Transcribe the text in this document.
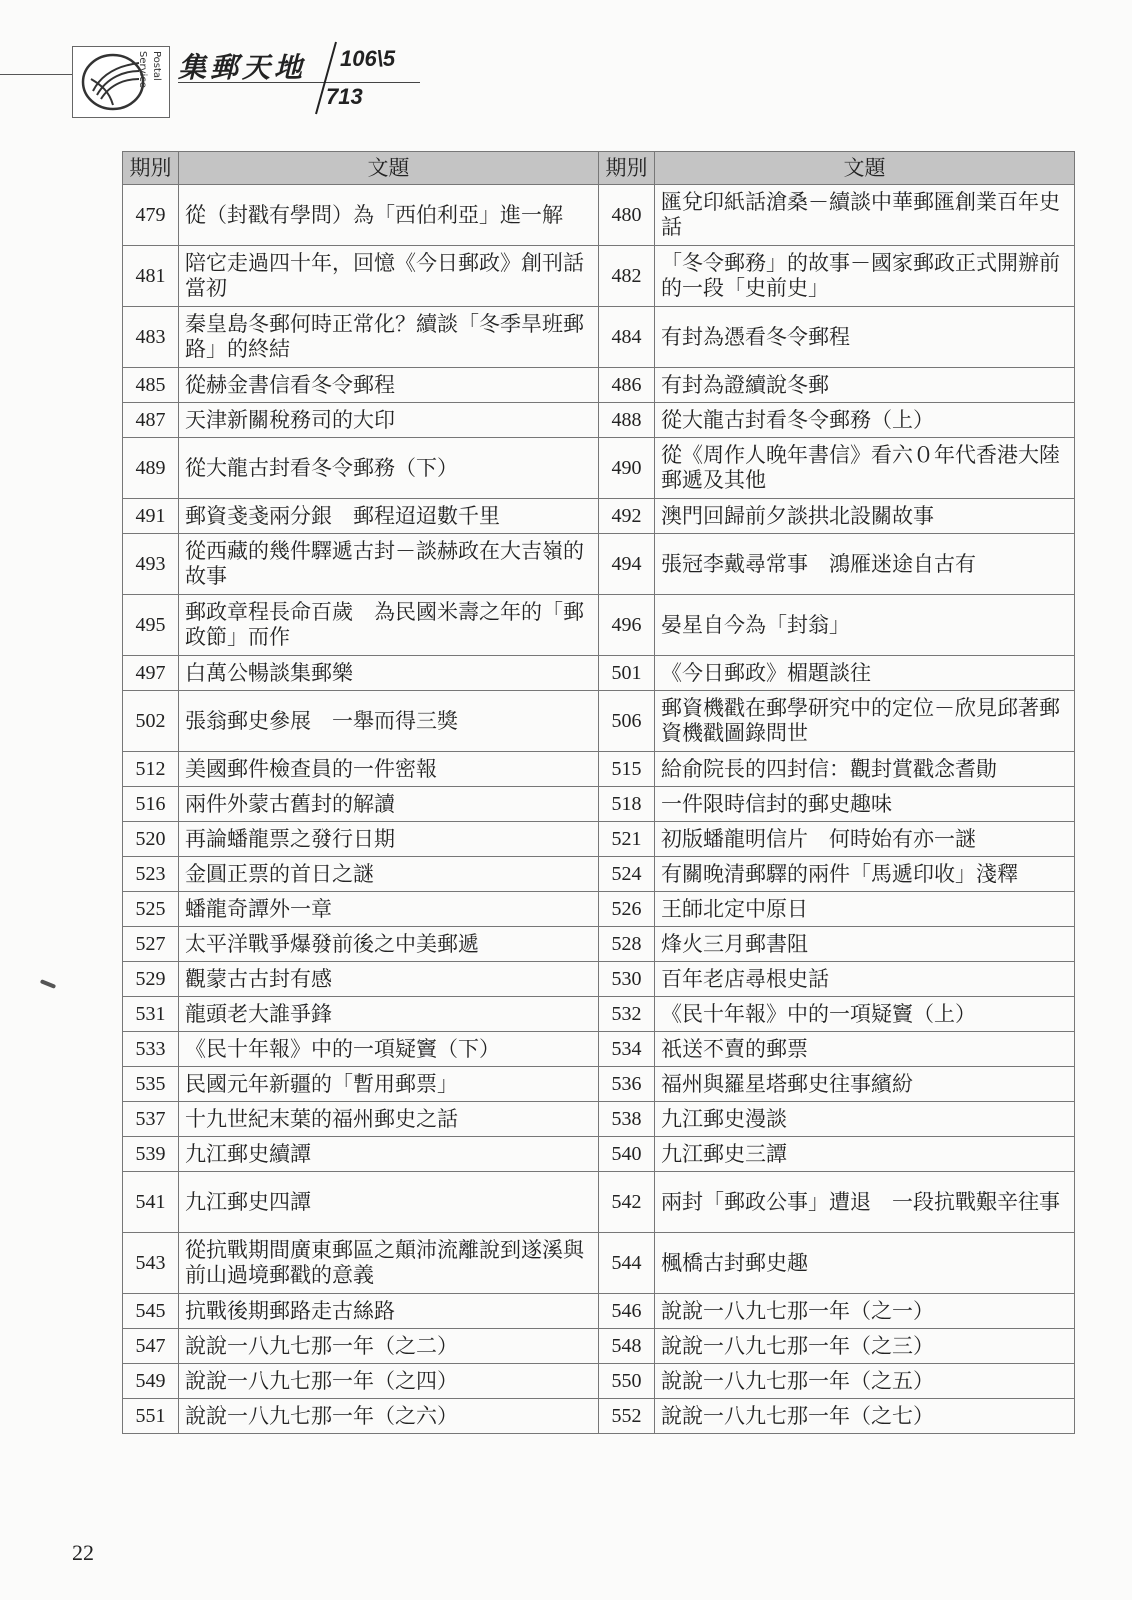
Postal Service	集郵天地 106\5
713
期別	文題	期別	文題
479	從（封戳有學問）為「西伯利亞」進一解	480	匯兌印紙話滄桑－續談中華郵匯創業百年史話
481	陪它走過四十年，回憶《今日郵政》創刊話當初	482	「冬令郵務」的故事－國家郵政正式開辦前的一段「史前史」
483	秦皇島冬郵何時正常化？續談「冬季旱班郵路」的終結	484	有封為憑看冬令郵程
485	從赫金書信看冬令郵程	486	有封為證續說冬郵
487	天津新關稅務司的大印	488	從大龍古封看冬令郵務（上）
489	從大龍古封看冬令郵務（下）	490	從《周作人晚年書信》看六０年代香港大陸郵遞及其他
491	郵資戔戔兩分銀　郵程迢迢數千里	492	澳門回歸前夕談拱北設關故事
493	從西藏的幾件驛遞古封－談赫政在大吉嶺的故事	494	張冠李戴尋常事　鴻雁迷途自古有
495	郵政章程長命百歲　為民國米壽之年的「郵政節」而作	496	晏星自今為「封翁」
497	白萬公暢談集郵樂	501	《今日郵政》楣題談往
502	張翁郵史參展　一舉而得三獎	506	郵資機戳在郵學研究中的定位－欣見邱著郵資機戳圖錄問世
512	美國郵件檢查員的一件密報	515	給俞院長的四封信：觀封賞戳念耆勛
516	兩件外蒙古舊封的解讀	518	一件限時信封的郵史趣味
520	再論蟠龍票之發行日期	521	初版蟠龍明信片　何時始有亦一謎
523	金圓正票的首日之謎	524	有關晚清郵驛的兩件「馬遞印收」淺釋
525	蟠龍奇譚外一章	526	王師北定中原日
527	太平洋戰爭爆發前後之中美郵遞	528	烽火三月郵書阻
529	觀蒙古古封有感	530	百年老店尋根史話
531	龍頭老大誰爭鋒	532	《民十年報》中的一項疑竇（上）
533	《民十年報》中的一項疑竇（下）	534	祇送不賣的郵票
535	民國元年新疆的「暫用郵票」	536	福州與羅星塔郵史往事繽紛
537	十九世紀末葉的福州郵史之話	538	九江郵史漫談
539	九江郵史續譚	540	九江郵史三譚
541	九江郵史四譚	542	兩封「郵政公事」遭退　一段抗戰艱辛往事
543	從抗戰期間廣東郵區之顛沛流離說到遂溪與前山過境郵戳的意義	544	楓橋古封郵史趣
545	抗戰後期郵路走古絲路	546	說說一八九七那一年（之一）
547	說說一八九七那一年（之二）	548	說說一八九七那一年（之三）
549	說說一八九七那一年（之四）	550	說說一八九七那一年（之五）
551	說說一八九七那一年（之六）	552	說說一八九七那一年（之七）
22
